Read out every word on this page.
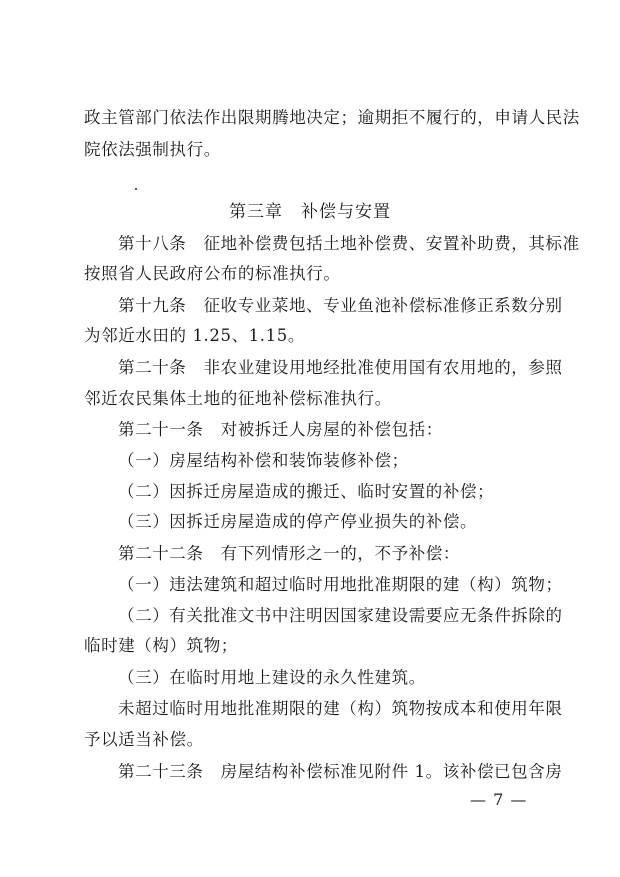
政主管部门依法作出限期腾地决定；逾期拒不履行的，申请人民法
院依法强制执行。
第三章　补偿与安置
第十八条　征地补偿费包括土地补偿费、安置补助费，其标准
按照省人民政府公布的标准执行。
第十九条　征收专业菜地、专业鱼池补偿标准修正系数分别
为邻近水田的 1.25、1.15。
第二十条　非农业建设用地经批准使用国有农用地的，参照
邻近农民集体土地的征地补偿标准执行。
第二十一条　对被拆迁人房屋的补偿包括：
（一）房屋结构补偿和装饰装修补偿；
（二）因拆迁房屋造成的搬迁、临时安置的补偿；
（三）因拆迁房屋造成的停产停业损失的补偿。
第二十二条　有下列情形之一的，不予补偿：
（一）违法建筑和超过临时用地批准期限的建（构）筑物；
（二）有关批准文书中注明因国家建设需要应无条件拆除的
临时建（构）筑物；
（三）在临时用地上建设的永久性建筑。
未超过临时用地批准期限的建（构）筑物按成本和使用年限
予以适当补偿。
第二十三条　房屋结构补偿标准见附件 1。该补偿已包含房
— 7 —
